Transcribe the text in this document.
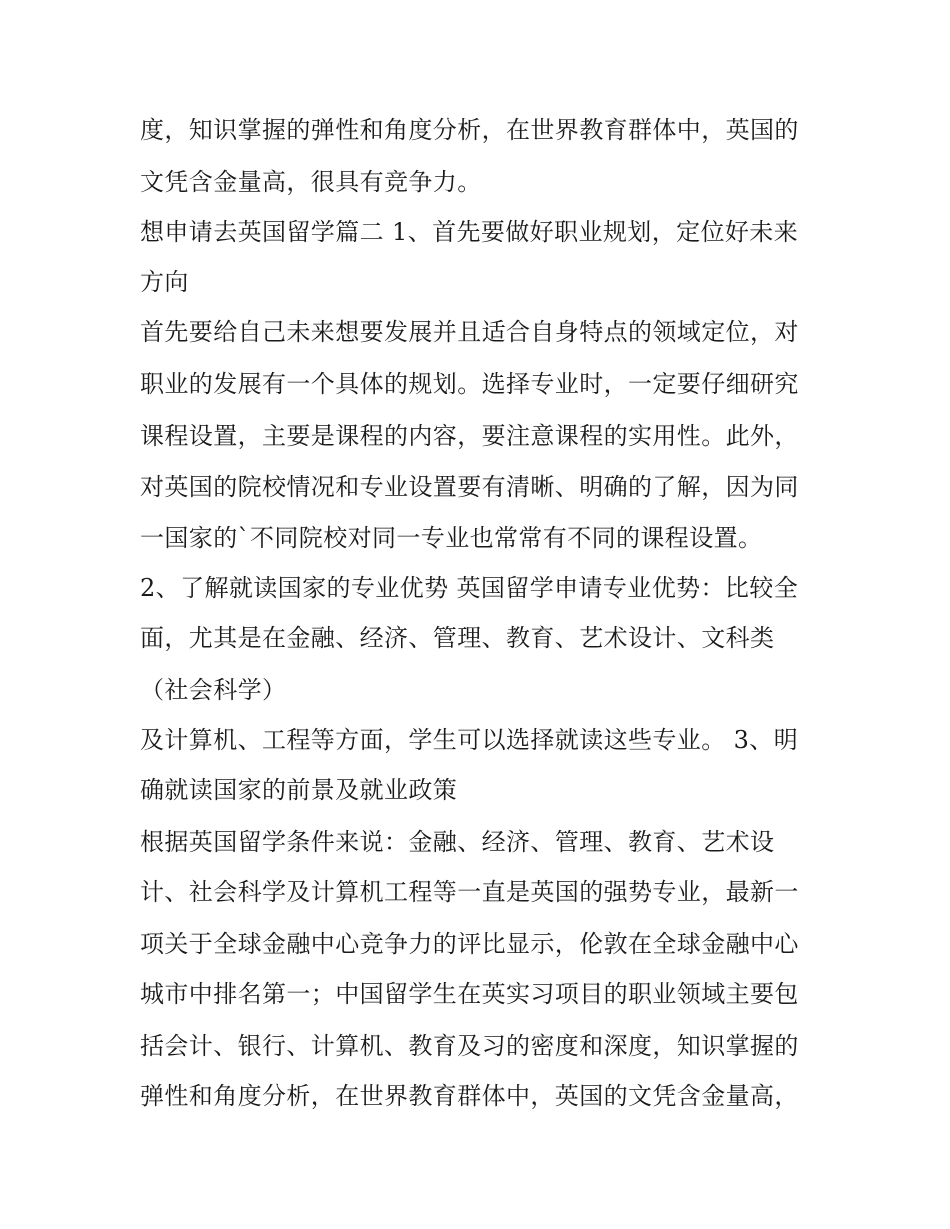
度，知识掌握的弹性和角度分析，在世界教育群体中，英国的
文凭含金量高，很具有竞争力。
想申请去英国留学篇二 1、首先要做好职业规划，定位好未来
方向
首先要给自己未来想要发展并且适合自身特点的领域定位，对
职业的发展有一个具体的规划。选择专业时，一定要仔细研究
课程设置，主要是课程的内容，要注意课程的实用性。此外，
对英国的院校情况和专业设置要有清晰、明确的了解，因为同
一国家的`不同院校对同一专业也常常有不同的课程设置。
2、了解就读国家的专业优势 英国留学申请专业优势：比较全
面，尤其是在金融、经济、管理、教育、艺术设计、文科类
（社会科学）
及计算机、工程等方面，学生可以选择就读这些专业。 3、明
确就读国家的前景及就业政策
根据英国留学条件来说：金融、经济、管理、教育、艺术设
计、社会科学及计算机工程等一直是英国的强势专业，最新一
项关于全球金融中心竞争力的评比显示，伦敦在全球金融中心
城市中排名第一；中国留学生在英实习项目的职业领域主要包
括会计、银行、计算机、教育及习的密度和深度，知识掌握的
弹性和角度分析，在世界教育群体中，英国的文凭含金量高，
